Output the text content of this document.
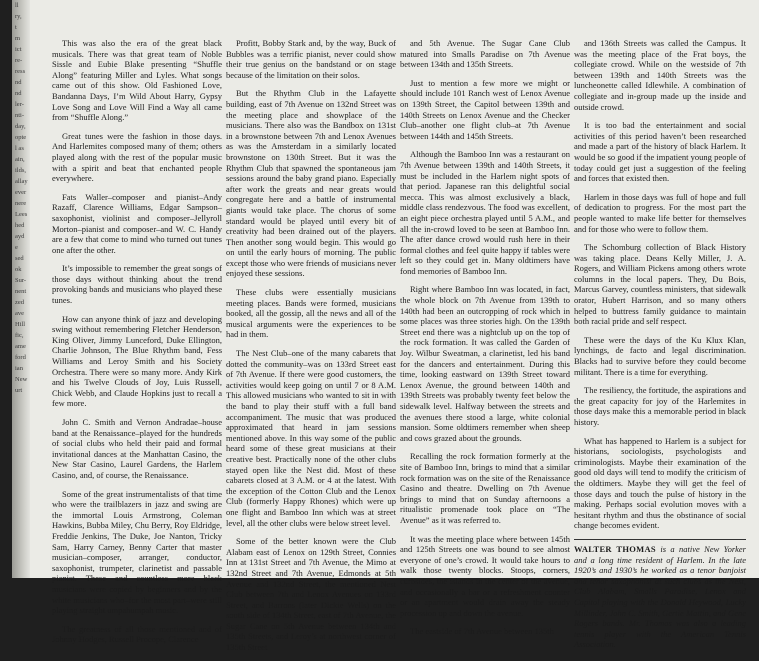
ll
ry,
t
m
ict
re-
ress
nd
nd
ler-
nti-
day,
opte
l as
ain,
ilds,
allay
ever
nere
Lees
hed
ayd
e
sed
ok
Sur-
nent
zed
ave
Hill
fic,
ame
ford
ian
New
urt

This was also the era of the great black musicals. There was that great team of Noble Sissle and Eubie Blake presenting “Shuffle Along” featuring Miller and Lyles. What songs came out of this show. Old Fashioned Love, Bandanna Days, I’m Wild About Harry, Gypsy Love Song and Love Will Find a Way all came from “Shuffle Along.”

Great tunes were the fashion in those days. And Harlemites composed many of them; others played along with the rest of the popular music with a spirit and beat that enchanted people everywhere.

Fats Waller–composer and pianist–Andy Razaff, Clarence Williams, Edgar Sampson–saxophonist, violinist and composer–Jellyroll Morton–pianist and composer–and W. C. Handy are a few that come to mind who turned out tunes one after the other.

It’s impossible to remember the great songs of those days without thinking about the trend provoking bands and musicians who played these tunes.

How can anyone think of jazz and developing swing without remembering Fletcher Henderson, King Oliver, Jimmy Lunceford, Duke Ellington, Charlie Johnson, The Blue Rhythm band, Fess Williams and Leroy Smith and his Society Orchestra. There were so many more. Andy Kirk and his Twelve Clouds of Joy, Luis Russell, Chick Webb, and Claude Hopkins just to recall a few more.

John C. Smith and Vernon Andradae–house band at the Renaissance–played for the hundreds of social clubs who held their paid and formal invitational dances at the Manhattan Casino, the New Star Casino, Laurel Gardens, the Harlem Casino, and, of course, the Renaissance.

Some of the great instrumentalists of that time who were the trailblazers in jazz and swing are the immortal Louis Armstrong, Coleman Hawkins, Bubba Miley, Chu Berry, Roy Eldridge, Freddie Jenkins, The Duke, Joe Nanton, Tricky Sam, Harry Carney, Benny Carter that master musician–composer, arranger, conductor, saxophonist, trumpeter, clarinetist and passable pianist. These and countless more black musicians were copied by beginners and by the white musicians who–for the most part–were still playing straight umpahumpah music.

The greatness of all those mentioned and of Johnny Hodges, Russell Procope, Clarence

Profitt, Bobby Stark and, by the way, Buck of Bubbles was a terrific pianist, never could show their true genius on the bandstand or on stage because of the limitation on their solos.

But the Rhythm Club in the Lafayette building, east of 7th Avenue on 132nd Street was the meeting place and showplace of the musicians. There also was the Bandbox on 131st in a brownstone between 7th and Lenox Avenues as was the Amsterdam in a similarly located brownstone on 130th Street. But it was the Rhythm Club that spawned the spontaneous jam sessions around the baby grand piano. Especially after work the greats and near greats would congregate here and a battle of instrumental giants would take place. The chorus of some standard would be played until every bit of creativity had been drained out of the players. Then another song would begin. This would go on until the early hours of morning. The public except those who were friends of musicians never enjoyed these sessions.

These clubs were essentially musicians meeting places. Bands were formed, musicians booked, all the gossip, all the news and all of the musical arguments were the experiences to be had in them.

The Nest Club–one of the many cabarets that dotted the community–was on 133rd Street east of 7th Avenue. If there were good customers, the activities would keep going on until 7 or 8 A.M. This allowed musicians who wanted to sit in with the band to play their stuff with a full band accompaniment. The music that was produced approximated that heard in jam sessions mentioned above. In this way some of the public heard some of these great musicians at their creative best. Practically none of the other clubs stayed open like the Nest did. Most of these cabarets closed at 3 A.M. or 4 at the latest. With the exception of the Cotton Club and the Lenox Club (formerly Happy Rhones) which were up one flight and Bamboo Inn which was at street level, all the other clubs were below street level.

Some of the better known were the Club Alabam east of Lenox on 129th Street, Connies Inn at 131st Street and 7th Avenue, the Mimo at 132nd Street and 7th Avenue, Edmonds at 5th Avenue and 132nd Street, the mentioned Nest Club between 7th and Lenox Avenues on 133rd Street, and Barrons (later Dickie Wells) on the south side of 134th Street, east of 7th Avenue, the Sugar Cane on 5th Avenue between 134th and 135th Streets, and Leroy’s at northwest corner of 135th Street

and 5th Avenue. The Sugar Cane Club matured into Smalls Paradise on 7th Avenue between 134th and 135th Streets.

Just to mention a few more we might or should include 101 Ranch west of Lenox Avenue on 139th Street, the Capitol between 139th and 140th Streets on Lenox Avenue and the Checker Club–another one flight club–at 7th Avenue between 144th and 145th Streets.

Although the Bamboo Inn was a restaurant on 7th Avenue between 139th and 140th Streets, it must be included in the Harlem night spots of that period. Japanese ran this delightful social mecca. This was almost exclusively a black, middle class rendezvous. The food was excellent, an eight piece orchestra played until 5 A.M., and all the in-crowd loved to be seen at Bamboo Inn. The after dance crowd would rush here in their formal clothes and feel quite happy if tables were left so they could get in. Many oldtimers have fond memories of Bamboo Inn.

Right where Bamboo Inn was located, in fact, the whole block on 7th Avenue from 139th to 140th had been an outcropping of rock which in some places was three stories high. On the 139th Street end there was a nightclub up on the top of the rock formation. It was called the Garden of Joy. Wilbur Sweatman, a clarinetist, led his band for the dancers and entertainment. During this time, looking eastward on 139th Street toward Lenox Avenue, the ground between 140th and 139th Streets was probably twenty feet below the sidewalk level. Halfway between the streets and the avenues there stood a large, white colonial mansion. Some oldtimers remember when sheep and cows grazed about the grounds.

Recalling the rock formation formerly at the site of Bamboo Inn, brings to mind that a similar rock formation was on the site of the Renaissance Casino and theatre. Dwelling on 7th Avenue brings to mind that on Sunday afternoons a ritualistic promenade took place on “The Avenue” as it was referred to.

It was the meeting place where between 145th and 125th Streets one was bound to see almost everyone of one’s crowd. It would take hours to walk those twenty blocks. Stoops, corners, curbsides, the islands in the center of the avenue, and occasionally a bar or a refreshment counter or an apartment would drain away the steady procession up and down the avenue.

The eastside of 7th Avenue between 135th

and 136th Streets was called the Campus. It was the meeting place of the Frat boys, the collegiate crowd. While on the westside of 7th between 139th and 140th Streets was the luncheonette called Idlewhile. A combination of collegiate and in-group made up the inside and outside crowd.

It is too bad the entertainment and social activities of this period haven’t been researched and made a part of the history of black Harlem. It would be so good if the impatient young people of today could get just a suggestion of the feeling and forces that existed then.

Harlem in those days was full of hope and full of dedication to progress. For the most part the people wanted to make life better for themselves and for those who were to follow them.

The Schomburg collection of Black History was taking place. Deans Kelly Miller, J. A. Rogers, and William Pickens among others wrote columns in the local papers. They, Du Bois, Marcus Garvey, countless ministers, that sidewalk orator, Hubert Harrison, and so many others helped to buttress family guidance to maintain both racial pride and self respect.

These were the days of the Ku Klux Klan, lynchings, de facto and legal discrimination. Blacks had to survive before they could become militant. There is a time for everything.

The resiliency, the fortitude, the aspirations and the great capacity for joy of the Harlemites in those days make this a memorable period in black history.

What has happened to Harlem is a subject for historians, sociologists, psychologists and criminologists. Maybe their examination of the good old days will tend to modify the criticism of the oldtimers. Maybe they will get the feel of those days and touch the pulse of history in the making. Perhaps social evolution moves with a hesitant rhythm and thus the obstinance of social change becomes evident.

WALTER THOMAS is a native New Yorker and a long time resident of Harlem. In the late 1920’s and 1930’s he worked as a tenor banjoist and tenor saxophonist at such clubs as the Nest, Club Alabam, Smalls Paradise, Lenox and Capitol playing with the Donald Heywood, Lucky Millinder, John C. Smith, Gertie Mattin, and Gene Rogers bands. Mr. Thomas was also a leading tennis player with the American Tennis Association.
